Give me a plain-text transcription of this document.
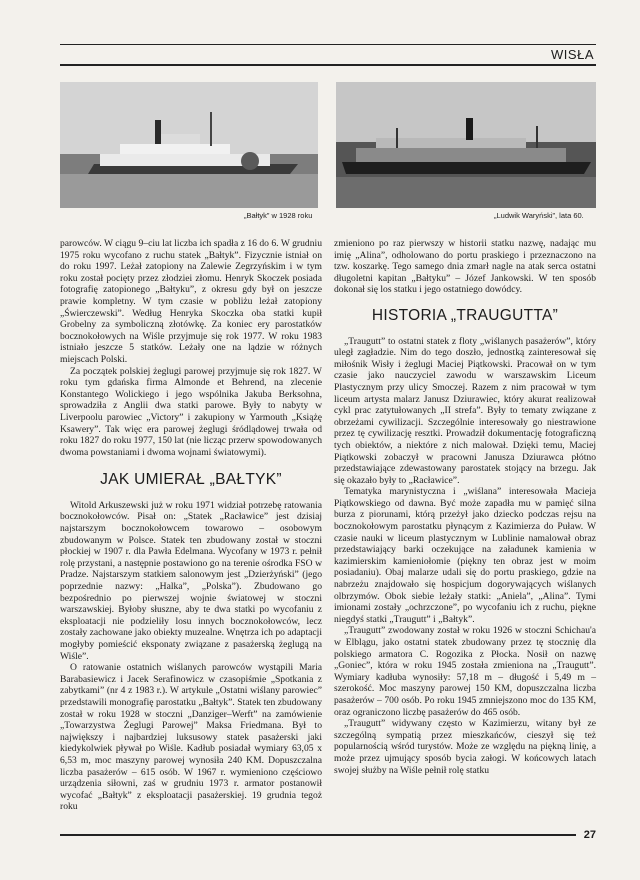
WISŁA
„Bałtyk” w 1928 roku	„Ludwik Waryński”, lata 60.

parowców. W ciągu 9–ciu lat liczba ich spadła z 16 do 6. W grudniu 1975 roku wycofano z ruchu statek „Bałtyk”. Fizycznie istniał on do roku 1997. Leżał zatopiony na Zalewie Zegrzyńskim i w tym roku został pocięty przez złodziei złomu. Henryk Skoczek posiada fotografię zatopionego „Bałtyku”, z okresu gdy był on jeszcze prawie kompletny. W tym czasie w pobliżu leżał zatopiony „Świerczewski”. Według Henryka Skoczka oba statki kupił Grobelny za symboliczną złotówkę. Za koniec ery parostatków bocznokołowych na Wiśle przyjmuje się rok 1977. W roku 1983 istniało jeszcze 5 statków. Leżały one na lądzie w różnych miejscach Polski.

Za początek polskiej żeglugi parowej przyjmuje się rok 1827. W roku tym gdańska firma Almonde et Behrend, na zlecenie Konstantego Wolickiego i jego wspólnika Jakuba Berksohna, sprowadziła z Anglii dwa statki parowe. Były to nabyty w Liverpoolu parowiec „Victory” i zakupiony w Yarmouth „Książę Ksawery”. Tak więc era parowej żeglugi śródlądowej trwała od roku 1827 do roku 1977, 150 lat (nie licząc przerw spowodowanych dwoma powstaniami i dwoma wojnami światowymi).

JAK UMIERAŁ „BAŁTYK”

Witold Arkuszewski już w roku 1971 widział potrzebę ratowania bocznokołowców. Pisał on: „Statek „Racławice” jest dzisiaj najstarszym bocznokołowcem towarowo – osobowym zbudowanym w Polsce. Statek ten zbudowany został w stoczni płockiej w 1907 r. dla Pawła Edelmana. Wycofany w 1973 r. pełnił rolę przystani, a następnie postawiono go na terenie ośrodka FSO w Pradze. Najstarszym statkiem salonowym jest „Dzierżyński” (jego poprzednie nazwy: „Halka”, „Polska”). Zbudowano go bezpośrednio po pierwszej wojnie światowej w stoczni warszawskiej. Byłoby słuszne, aby te dwa statki po wycofaniu z eksploatacji nie podzieliły losu innych bocznokołowców, lecz zostały zachowane jako obiekty muzealne. Wnętrza ich po adaptacji mogłyby pomieścić eksponaty związane z pasażerską żeglugą na Wiśle”.

O ratowanie ostatnich wiślanych parowców wystąpili Maria Barabasiewicz i Jacek Serafinowicz w czasopiśmie „Spotkania z zabytkami” (nr 4 z 1983 r.). W artykule „Ostatni wiślany parowiec” przedstawili monografię parostatku „Bałtyk”. Statek ten zbudowany został w roku 1928 w stoczni „Danziger–Werft” na zamówienie „Towarzystwa Żeglugi Parowej” Maksa Friedmana. Był to największy i najbardziej luksusowy statek pasażerski jaki kiedykolwiek pływał po Wiśle. Kadłub posiadał wymiary 63,05 x 6,53 m, moc maszyny parowej wynosiła 240 KM. Dopuszczalna liczba pasażerów – 615 osób. W 1967 r. wymieniono częściowo urządzenia siłowni, zaś w grudniu 1973 r. armator postanowił wycofać „Bałtyk” z eksploatacji pasażerskiej. 19 grudnia tegoż roku

zmieniono po raz pierwszy w historii statku nazwę, nadając mu imię „Alina”, odholowano do portu praskiego i przeznaczono na tzw. koszarkę. Tego samego dnia zmarł nagle na atak serca ostatni długoletni kapitan „Bałtyku” – Józef Jankowski. W ten sposób dokonał się los statku i jego ostatniego dowódcy.

HISTORIA „TRAUGUTTA”

„Traugutt” to ostatni statek z floty „wiślanych pasażerów”, który uległ zagładzie. Nim do tego doszło, jednostką zainteresował się miłośnik Wisły i żeglugi Maciej Piątkowski. Pracował on w tym czasie jako nauczyciel zawodu w warszawskim Liceum Plastycznym przy ulicy Smoczej. Razem z nim pracował w tym liceum artysta malarz Janusz Dziurawiec, który akurat realizował cykl prac zatytułowanych „II strefa”. Były to tematy związane z obrzeżami cywilizacji. Szczególnie interesowały go niestrawione przez tę cywilizację resztki. Prowadził dokumentację fotograficzną tych obiektów, a niektóre z nich malował. Dzięki temu, Maciej Piątkowski zobaczył w pracowni Janusza Dziurawca płótno przedstawiające zdewastowany parostatek stojący na brzegu. Jak się okazało były to „Racławice”.

Tematyka marynistyczna i „wiślana” interesowała Macieja Piątkowskiego od dawna. Być może zapadła mu w pamięć silna burza z piorunami, którą przeżył jako dziecko podczas rejsu na bocznokołowym parostatku płynącym z Kazimierza do Puław. W czasie nauki w liceum plastycznym w Lublinie namalował obraz przedstawiający barki oczekujące na załadunek kamienia w kazimierskim kamieniołomie (piękny ten obraz jest w moim posiadaniu). Obaj malarze udali się do portu praskiego, gdzie na nabrzeżu znajdowało się hospicjum dogorywających wiślanych olbrzymów. Obok siebie leżały statki: „Aniela”, „Alina”. Tymi imionami zostały „ochrzczone”, po wycofaniu ich z ruchu, piękne niegdyś statki „Traugutt” i „Bałtyk”.

„Traugutt” zwodowany został w roku 1926 w stoczni Schichau'a w Elblągu, jako ostatni statek zbudowany przez tę stocznię dla polskiego armatora C. Rogozika z Płocka. Nosił on nazwę „Goniec”, która w roku 1945 została zmieniona na „Traugutt”. Wymiary kadłuba wynosiły: 57,18 m – długość i 5,49 m – szerokość. Moc maszyny parowej 150 KM, dopuszczalna liczba pasażerów – 700 osób. Po roku 1945 zmniejszono moc do 135 KM, oraz ograniczono liczbę pasażerów do 465 osób.

„Traugutt” widywany często w Kazimierzu, witany był ze szczególną sympatią przez mieszkańców, cieszył się też popularnością wśród turystów. Może ze względu na piękną linię, a może przez ujmujący sposób bycia załogi. W końcowych latach swojej służby na Wiśle pełnił rolę statku

27
